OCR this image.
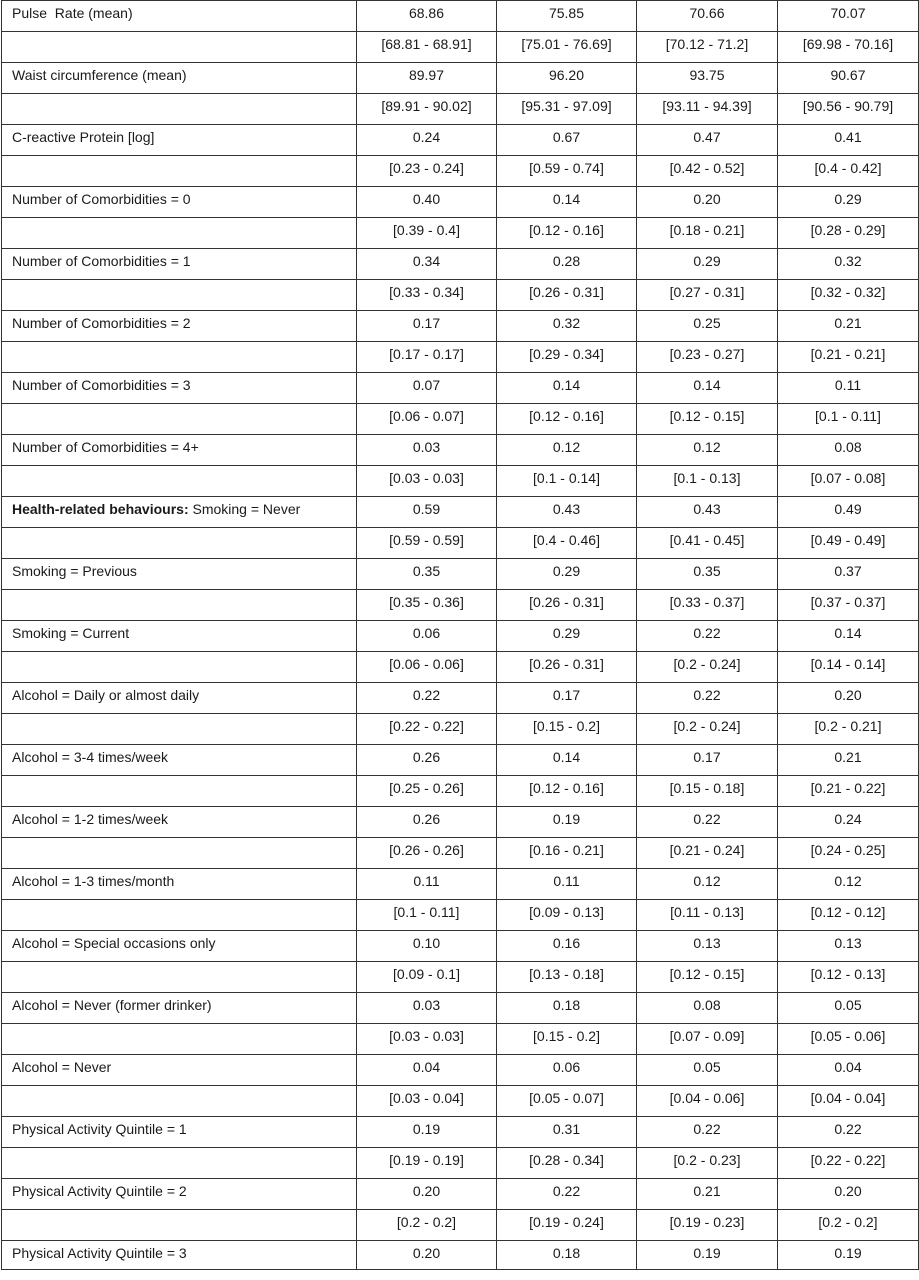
Pulse  Rate (mean)	68.86	75.85	70.66	70.07
	[68.81 - 68.91]	[75.01 - 76.69]	[70.12 - 71.2]	[69.98 - 70.16]
Waist circumference (mean)	89.97	96.20	93.75	90.67
	[89.91 - 90.02]	[95.31 - 97.09]	[93.11 - 94.39]	[90.56 - 90.79]
C-reactive Protein [log]	0.24	0.67	0.47	0.41
	[0.23 - 0.24]	[0.59 - 0.74]	[0.42 - 0.52]	[0.4 - 0.42]
Number of Comorbidities = 0	0.40	0.14	0.20	0.29
	[0.39 - 0.4]	[0.12 - 0.16]	[0.18 - 0.21]	[0.28 - 0.29]
Number of Comorbidities = 1	0.34	0.28	0.29	0.32
	[0.33 - 0.34]	[0.26 - 0.31]	[0.27 - 0.31]	[0.32 - 0.32]
Number of Comorbidities = 2	0.17	0.32	0.25	0.21
	[0.17 - 0.17]	[0.29 - 0.34]	[0.23 - 0.27]	[0.21 - 0.21]
Number of Comorbidities = 3	0.07	0.14	0.14	0.11
	[0.06 - 0.07]	[0.12 - 0.16]	[0.12 - 0.15]	[0.1 - 0.11]
Number of Comorbidities = 4+	0.03	0.12	0.12	0.08
	[0.03 - 0.03]	[0.1 - 0.14]	[0.1 - 0.13]	[0.07 - 0.08]
Health-related behaviours: Smoking = Never	0.59	0.43	0.43	0.49
	[0.59 - 0.59]	[0.4 - 0.46]	[0.41 - 0.45]	[0.49 - 0.49]
Smoking = Previous	0.35	0.29	0.35	0.37
	[0.35 - 0.36]	[0.26 - 0.31]	[0.33 - 0.37]	[0.37 - 0.37]
Smoking = Current	0.06	0.29	0.22	0.14
	[0.06 - 0.06]	[0.26 - 0.31]	[0.2 - 0.24]	[0.14 - 0.14]
Alcohol = Daily or almost daily	0.22	0.17	0.22	0.20
	[0.22 - 0.22]	[0.15 - 0.2]	[0.2 - 0.24]	[0.2 - 0.21]
Alcohol = 3-4 times/week	0.26	0.14	0.17	0.21
	[0.25 - 0.26]	[0.12 - 0.16]	[0.15 - 0.18]	[0.21 - 0.22]
Alcohol = 1-2 times/week	0.26	0.19	0.22	0.24
	[0.26 - 0.26]	[0.16 - 0.21]	[0.21 - 0.24]	[0.24 - 0.25]
Alcohol = 1-3 times/month	0.11	0.11	0.12	0.12
	[0.1 - 0.11]	[0.09 - 0.13]	[0.11 - 0.13]	[0.12 - 0.12]
Alcohol = Special occasions only	0.10	0.16	0.13	0.13
	[0.09 - 0.1]	[0.13 - 0.18]	[0.12 - 0.15]	[0.12 - 0.13]
Alcohol = Never (former drinker)	0.03	0.18	0.08	0.05
	[0.03 - 0.03]	[0.15 - 0.2]	[0.07 - 0.09]	[0.05 - 0.06]
Alcohol = Never	0.04	0.06	0.05	0.04
	[0.03 - 0.04]	[0.05 - 0.07]	[0.04 - 0.06]	[0.04 - 0.04]
Physical Activity Quintile = 1	0.19	0.31	0.22	0.22
	[0.19 - 0.19]	[0.28 - 0.34]	[0.2 - 0.23]	[0.22 - 0.22]
Physical Activity Quintile = 2	0.20	0.22	0.21	0.20
	[0.2 - 0.2]	[0.19 - 0.24]	[0.19 - 0.23]	[0.2 - 0.2]
Physical Activity Quintile = 3	0.20	0.18	0.19	0.19
